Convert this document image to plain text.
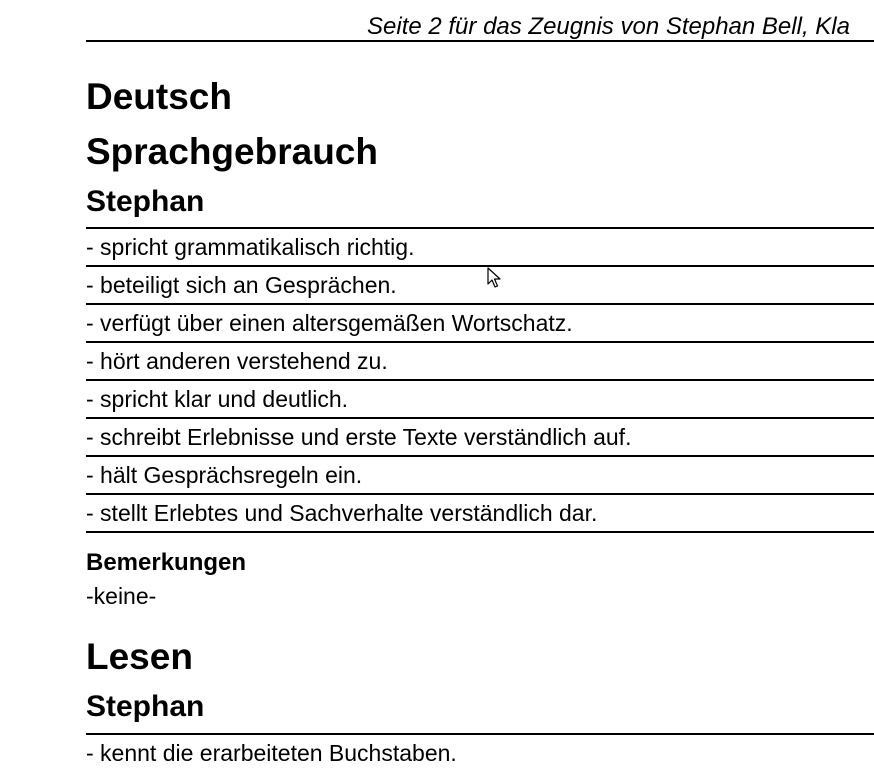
Seite 2 für das Zeugnis von Stephan Bell, Kla
Deutsch
Sprachgebrauch
Stephan
- spricht grammatikalisch richtig.
- beteiligt sich an Gesprächen.
- verfügt über einen altersgemäßen Wortschatz.
- hört anderen verstehend zu.
- spricht klar und deutlich.
- schreibt Erlebnisse und erste Texte verständlich auf.
- hält Gesprächsregeln ein.
- stellt Erlebtes und Sachverhalte verständlich dar.
Bemerkungen
-keine-
Lesen
Stephan
- kennt die erarbeiteten Buchstaben.
